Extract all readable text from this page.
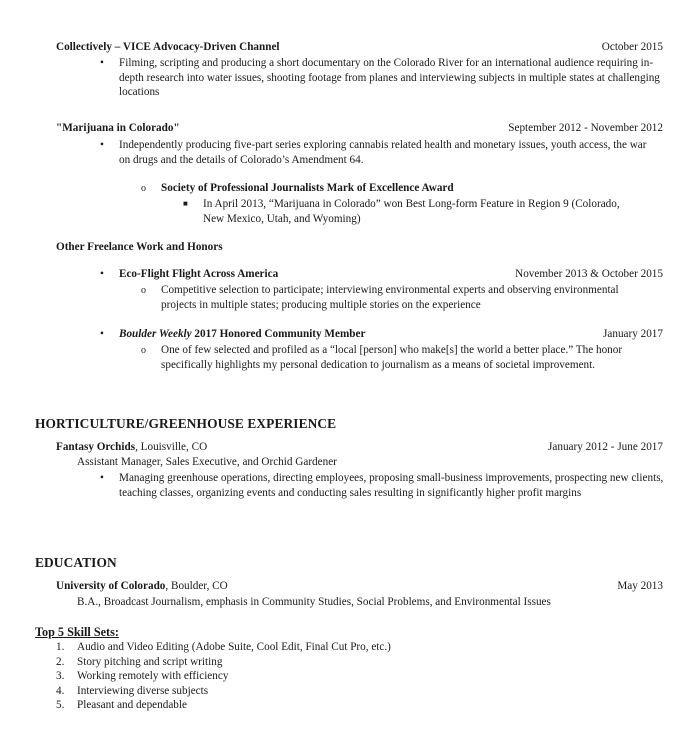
Collectively – VICE Advocacy-Driven Channel	October 2015
• Filming, scripting and producing a short documentary on the Colorado River for an international audience requiring in-depth research into water issues, shooting footage from planes and interviewing subjects in multiple states at challenging locations
"Marijuana in Colorado"	September 2012 - November 2012
• Independently producing five-part series exploring cannabis related health and monetary issues, youth access, the war on drugs and the details of Colorado’s Amendment 64.
o Society of Professional Journalists Mark of Excellence Award
■ In April 2013, “Marijuana in Colorado” won Best Long-form Feature in Region 9 (Colorado, New Mexico, Utah, and Wyoming)
Other Freelance Work and Honors
• Eco-Flight Flight Across America	November 2013 & October 2015
o Competitive selection to participate; interviewing environmental experts and observing environmental projects in multiple states; producing multiple stories on the experience
• Boulder Weekly 2017 Honored Community Member	January 2017
o One of few selected and profiled as a “local [person] who make[s] the world a better place.” The honor specifically highlights my personal dedication to journalism as a means of societal improvement.
HORTICULTURE/GREENHOUSE EXPERIENCE
Fantasy Orchids, Louisville, CO	January 2012 - June 2017
Assistant Manager, Sales Executive, and Orchid Gardener
• Managing greenhouse operations, directing employees, proposing small-business improvements, prospecting new clients, teaching classes, organizing events and conducting sales resulting in significantly higher profit margins
EDUCATION
University of Colorado, Boulder, CO	May 2013
B.A., Broadcast Journalism, emphasis in Community Studies, Social Problems, and Environmental Issues
Top 5 Skill Sets:
1. Audio and Video Editing (Adobe Suite, Cool Edit, Final Cut Pro, etc.)
2. Story pitching and script writing
3. Working remotely with efficiency
4. Interviewing diverse subjects
5. Pleasant and dependable
